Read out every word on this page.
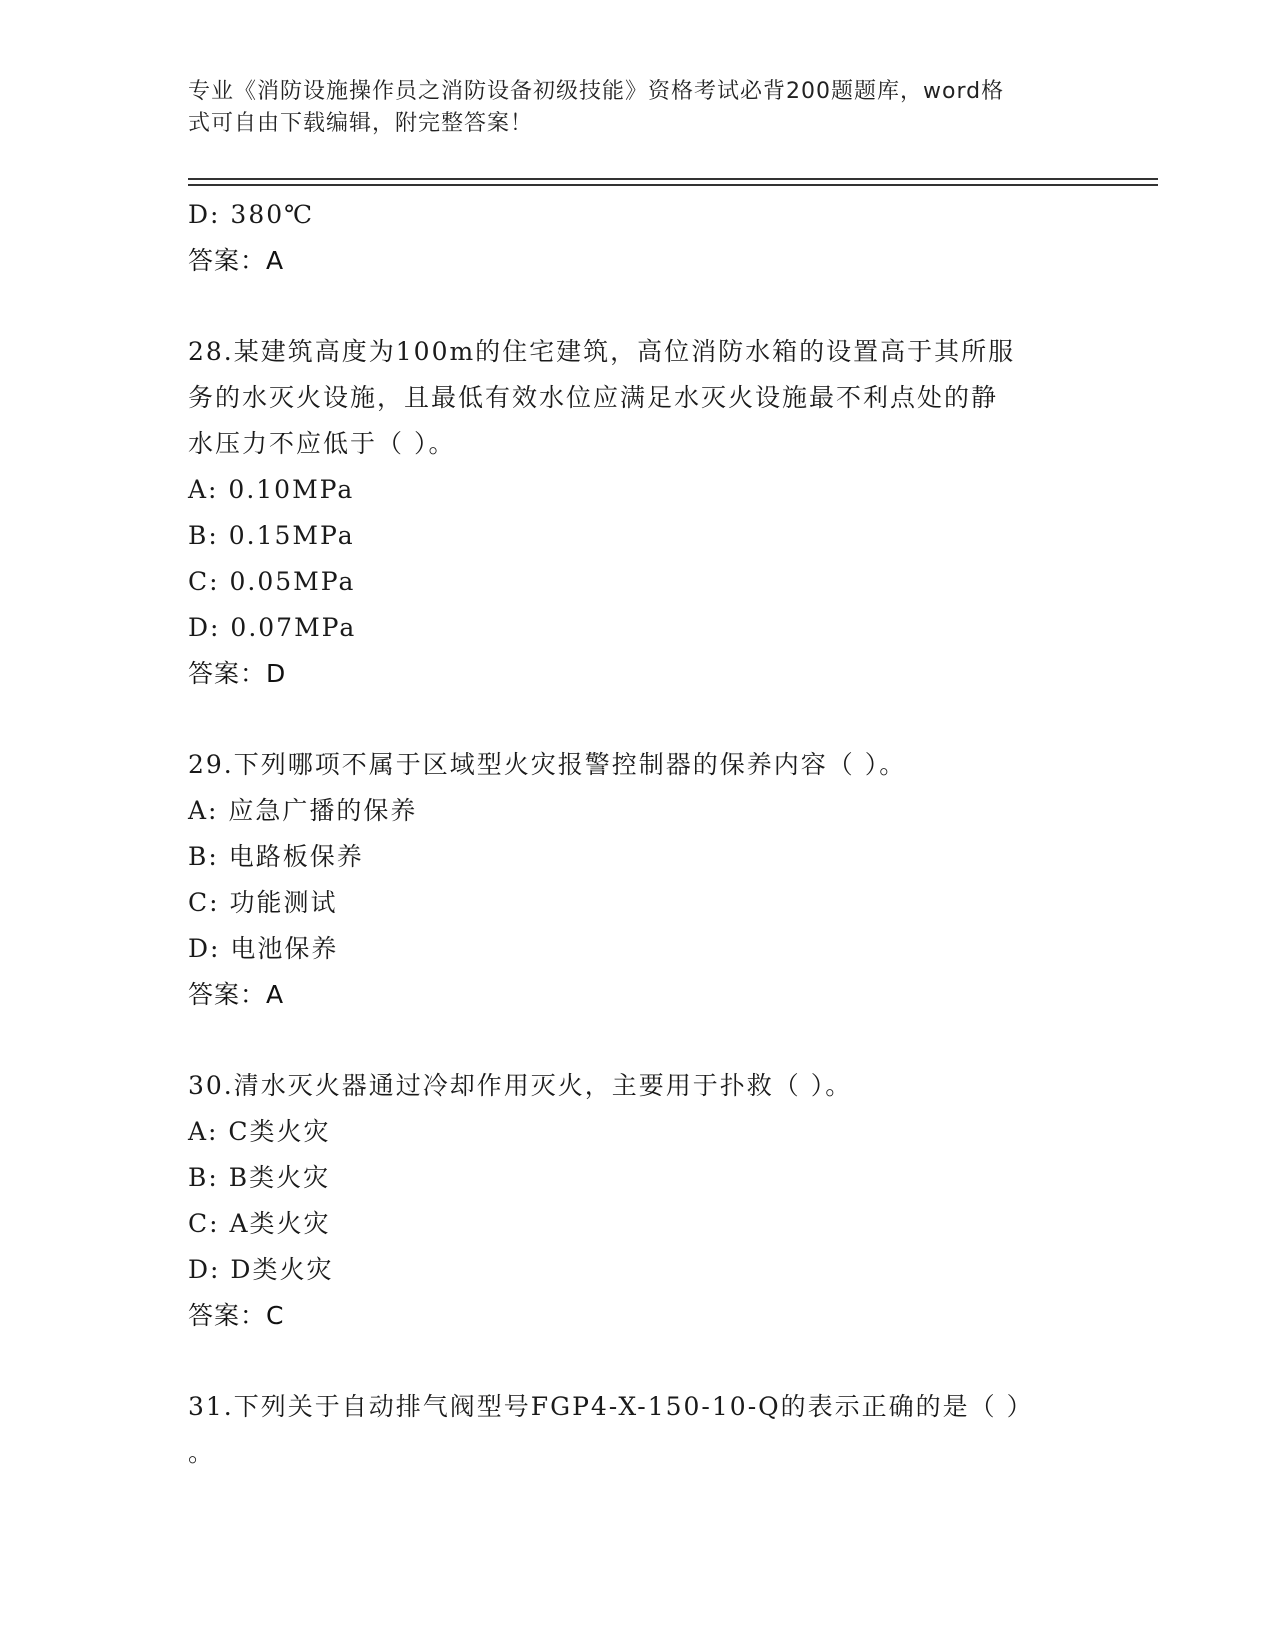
专业《消防设施操作员之消防设备初级技能》资格考试必背200题题库，word格
式可自由下载编辑，附完整答案！
D: 380℃
答案：A
28.某建筑高度为100m的住宅建筑，高位消防水箱的设置高于其所服
务的水灭火设施，且最低有效水位应满足水灭火设施最不利点处的静
水压力不应低于（ ）。
A: 0.10MPa
B: 0.15MPa
C: 0.05MPa
D: 0.07MPa
答案：D
29.下列哪项不属于区域型火灾报警控制器的保养内容（ ）。
A: 应急广播的保养
B: 电路板保养
C: 功能测试
D: 电池保养
答案：A
30.清水灭火器通过冷却作用灭火，主要用于扑救（ ）。
A: C类火灾
B: B类火灾
C: A类火灾
D: D类火灾
答案：C
31.下列关于自动排气阀型号FGP4-X-150-10-Q的表示正确的是（ ）
。
